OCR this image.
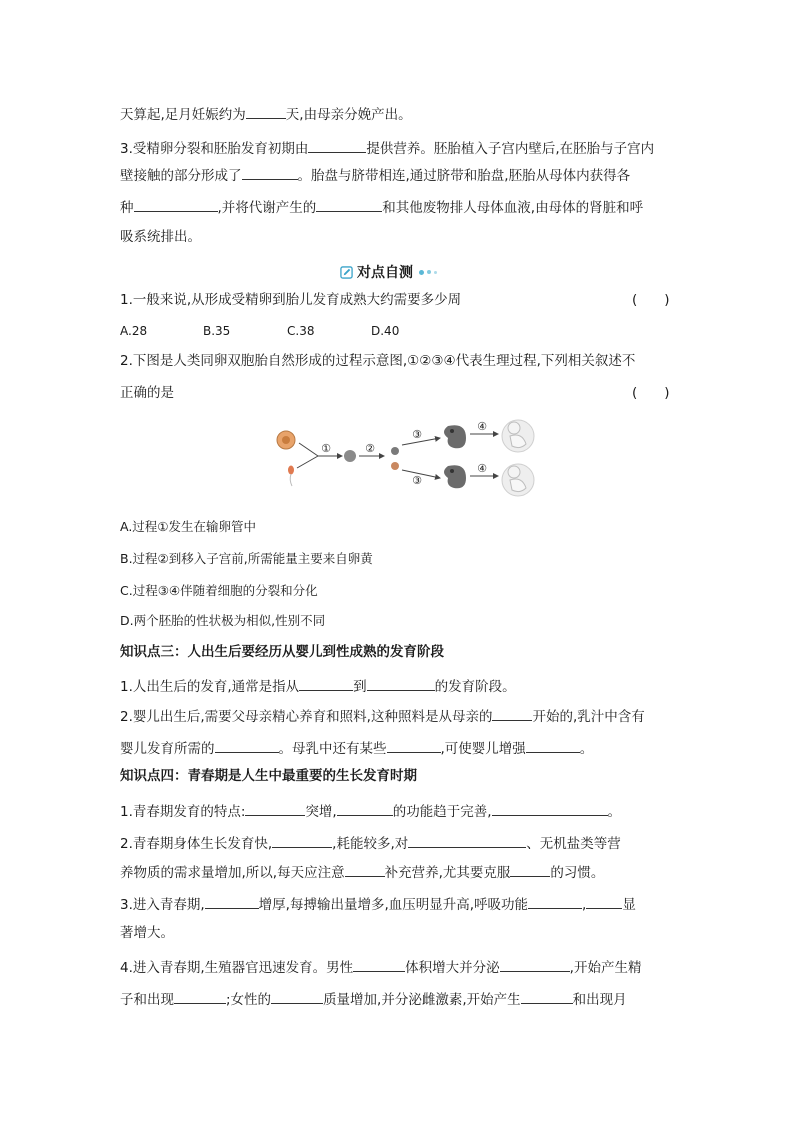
天算起,足月妊娠约为	天,由母亲分娩产出。
3.受精卵分裂和胚胎发育初期由	提供营养。胚胎植入子宫内壁后,在胚胎与子宫内
壁接触的部分形成了	。胎盘与脐带相连,通过脐带和胎盘,胚胎从母体内获得各
种	,并将代谢产生的	和其他废物排人母体血液,由母体的肾脏和呼
吸系统排出。
对点自测
1.一般来说,从形成受精卵到胎儿发育成熟大约需要多少周	(　　)
A.28	B.35	C.38	D.40
2.下图是人类同卵双胞胎自然形成的过程示意图,①②③④代表生理过程,下列相关叙述不
正确的是	(　　)
①	②
③
③
④
④
A.过程①发生在输卵管中
B.过程②到移入子宫前,所需能量主要来自卵黄
C.过程③④伴随着细胞的分裂和分化
D.两个胚胎的性状极为相似,性别不同
知识点三：人出生后要经历从婴儿到性成熟的发育阶段
1.人出生后的发育,通常是指从	到	的发育阶段。
2.婴儿出生后,需要父母亲精心养育和照料,这种照料是从母亲的	开始的,乳汁中含有
婴儿发育所需的	。母乳中还有某些	,可使婴儿增强	。
知识点四：青春期是人生中最重要的生长发育时期
1.青春期发育的特点:	突增,	的功能趋于完善,	。
2.青春期身体生长发育快,	,耗能较多,对	、无机盐类等营
养物质的需求量增加,所以,每天应注意	补充营养,尤其要克服	的习惯。
3.进入青春期,	增厚,每搏输出量增多,血压明显升高,呼吸功能	,	显
著增大。
4.进入青春期,生殖器官迅速发育。男性	体积增大并分泌	,开始产生精
子和出现	;女性的	质量增加,并分泌雌激素,开始产生	和出现月
